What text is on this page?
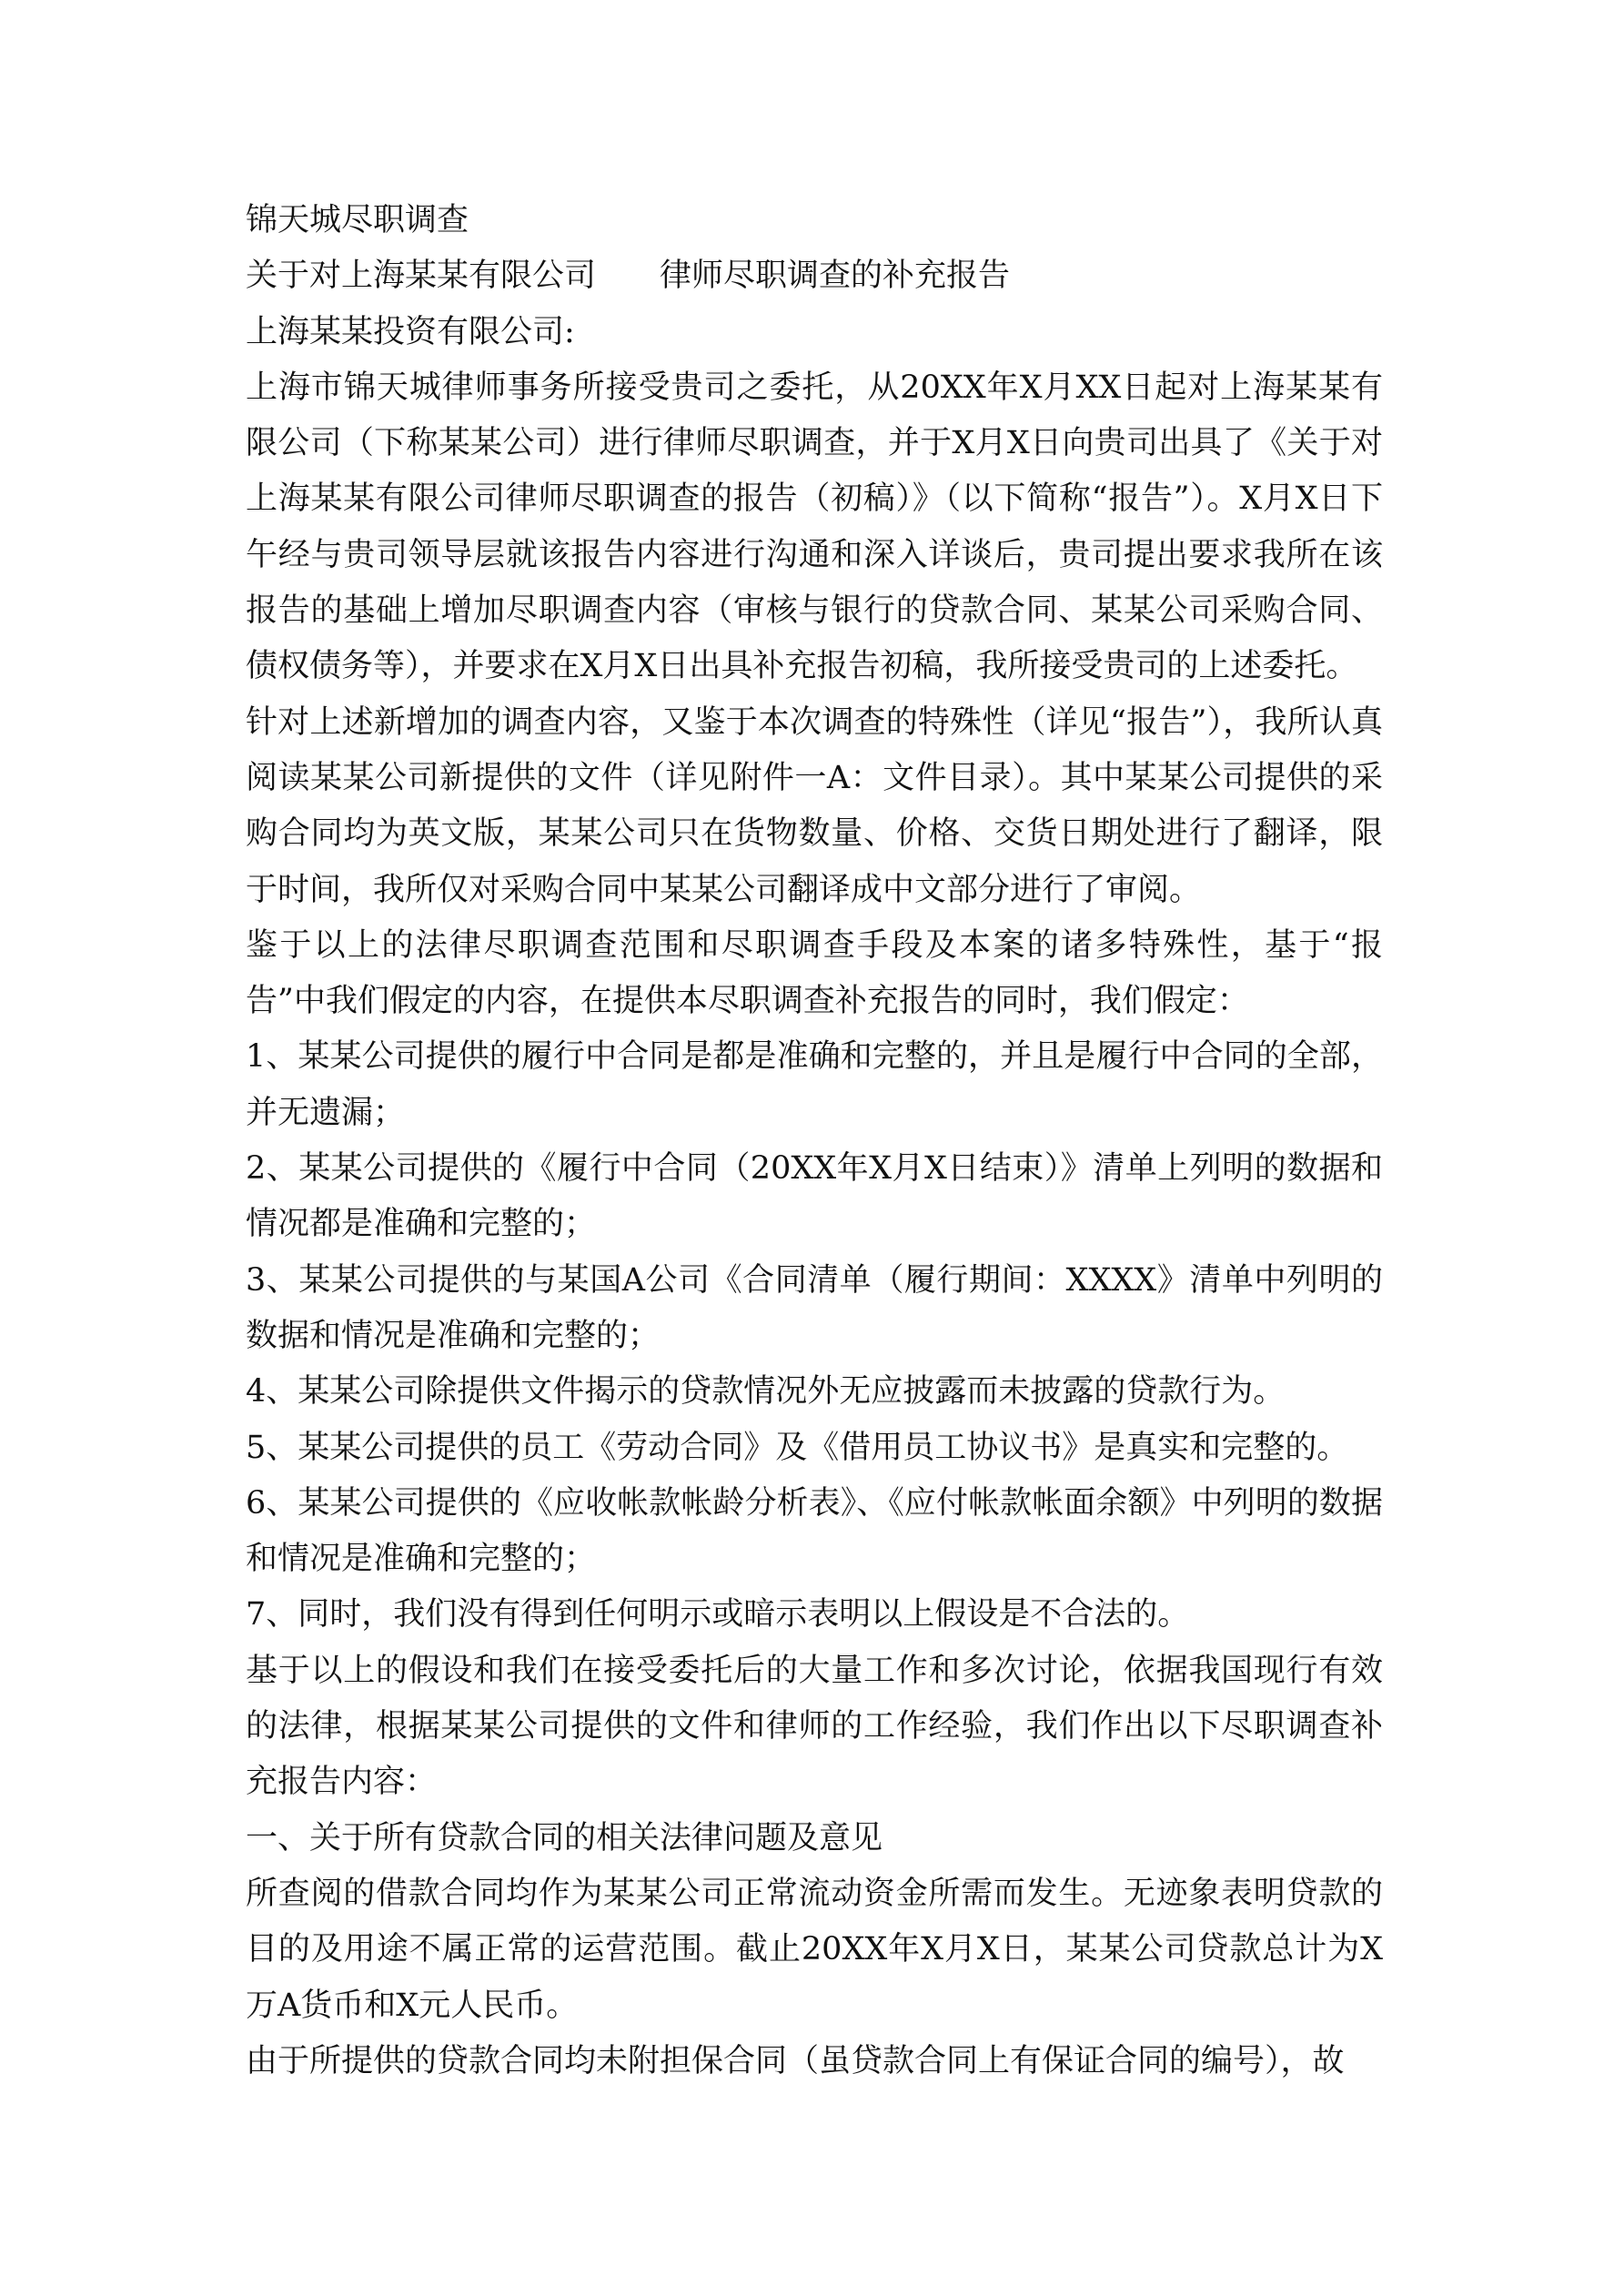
锦天城尽职调查

关于对上海某某有限公司 律师尽职调查的补充报告

上海某某投资有限公司:

上海市锦天城律师事务所接受贵司之委托，从20XX年X月XX日起对上海某某有限公司（下称某某公司）进行律师尽职调查，并于X月X日向贵司出具了《关于对上海某某有限公司律师尽职调查的报告（初稿）》（以下简称“报告”）。X月X日下午经与贵司领导层就该报告内容进行沟通和深入详谈后，贵司提出要求我所在该报告的基础上增加尽职调查内容（审核与银行的贷款合同、某某公司采购合同、债权债务等），并要求在X月X日出具补充报告初稿，我所接受贵司的上述委托。

针对上述新增加的调查内容，又鉴于本次调查的特殊性（详见“报告”），我所认真阅读某某公司新提供的文件（详见附件一A：文件目录）。其中某某公司提供的采购合同均为英文版，某某公司只在货物数量、价格、交货日期处进行了翻译，限于时间，我所仅对采购合同中某某公司翻译成中文部分进行了审阅。

鉴于以上的法律尽职调查范围和尽职调查手段及本案的诸多特殊性，基于“报告”中我们假定的内容，在提供本尽职调查补充报告的同时，我们假定：

1、某某公司提供的履行中合同是都是准确和完整的，并且是履行中合同的全部，并无遗漏；

2、某某公司提供的《履行中合同（20XX年X月X日结束）》清单上列明的数据和情况都是准确和完整的；

3、某某公司提供的与某国A公司《合同清单（履行期间：XXXX》清单中列明的数据和情况是准确和完整的；

4、某某公司除提供文件揭示的贷款情况外无应披露而未披露的贷款行为。

5、某某公司提供的员工《劳动合同》及《借用员工协议书》是真实和完整的。

6、某某公司提供的《应收帐款帐龄分析表》、《应付帐款帐面余额》中列明的数据和情况是准确和完整的；

7、同时，我们没有得到任何明示或暗示表明以上假设是不合法的。

基于以上的假设和我们在接受委托后的大量工作和多次讨论，依据我国现行有效的法律，根据某某公司提供的文件和律师的工作经验，我们作出以下尽职调查补充报告内容：

一、关于所有贷款合同的相关法律问题及意见

所查阅的借款合同均作为某某公司正常流动资金所需而发生。无迹象表明贷款的目的及用途不属正常的运营范围。截止20XX年X月X日，某某公司贷款总计为X万A货币和X元人民币。

由于所提供的贷款合同均未附担保合同（虽贷款合同上有保证合同的编号），故
